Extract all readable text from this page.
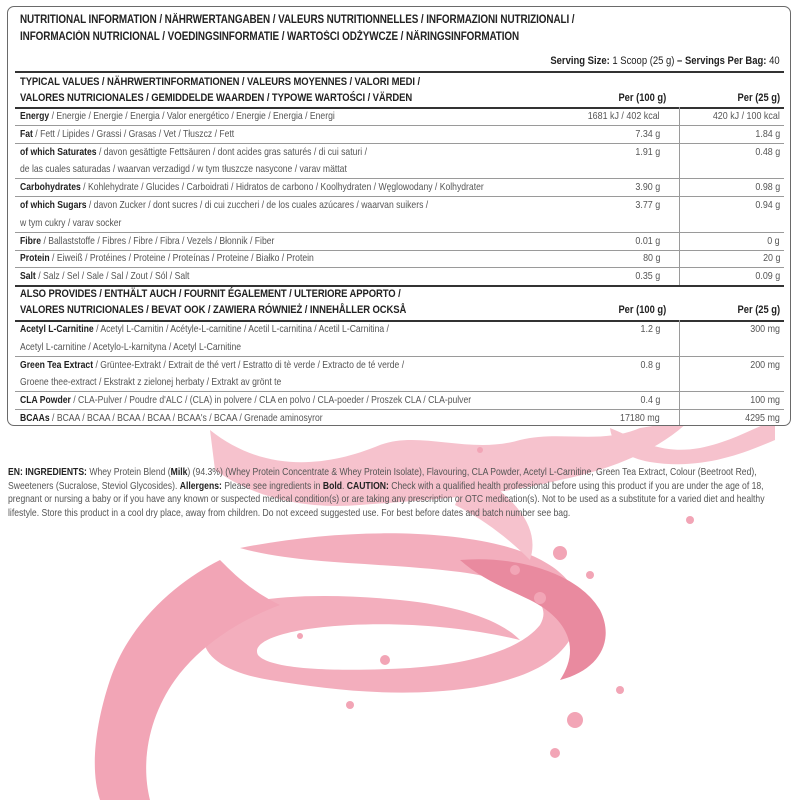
NUTRITIONAL INFORMATION / NÄHRWERTANGABEN / VALEURS NUTRITIONNELLES / INFORMAZIONI NUTRIZIONALI /
INFORMACIÓN NUTRICIONAL / VOEDINGSINFORMATIE / WARTOŚCI ODŻYWCZE / NÄRINGSINFORMATION
Serving Size: 1 Scoop (25 g) – Servings Per Bag: 40
TYPICAL VALUES / NÄHRWERTINFORMATIONEN / VALEURS MOYENNES / VALORI MEDI /
VALORES NUTRICIONALES / GEMIDDELDE WAARDEN / TYPOWE WARTOŚCI / VÄRDEN	Per (100 g)	Per (25 g)
Energy / Energie / Energie / Energia / Valor energético / Energie / Energia / Energi	1681 kJ / 402 kcal	420 kJ / 100 kcal
Fat / Fett / Lipides / Grassi / Grasas / Vet / Tłuszcz / Fett	7.34 g	1.84 g
of which Saturates / davon gesättigte Fettsäuren / dont acides gras saturés / di cui saturi /	1.91 g	0.48 g
de las cuales saturadas / waarvan verzadigd / w tym tłuszcze nasycone / varav mättat
Carbohydrates / Kohlehydrate / Glucides / Carboidrati / Hidratos de carbono / Koolhydraten / Węglowodany / Kolhydrater	3.90 g	0.98 g
of which Sugars / davon Zucker / dont sucres / di cui zuccheri / de los cuales azúcares / waarvan suikers /	3.77 g	0.94 g
w tym cukry / varav socker
Fibre / Ballaststoffe / Fibres / Fibre / Fibra / Vezels / Błonnik / Fiber	0.01 g	0 g
Protein / Eiweiß / Protéines / Proteine / Proteínas / Proteine / Białko / Protein	80 g	20 g
Salt / Salz / Sel / Sale / Sal / Zout / Sól / Salt	0.35 g	0.09 g
ALSO PROVIDES / ENTHÄLT AUCH / FOURNIT ÉGALEMENT / ULTERIORE APPORTO /
VALORES NUTRICIONALES / BEVAT OOK / ZAWIERA RÓWNIEŻ / INNEHÅLLER OCKSÅ	Per (100 g)	Per (25 g)
Acetyl L-Carnitine / Acetyl L-Carnitin / Acétyle-L-carnitine / Acetil L-carnitina / Acetil L-Carnitina /	1.2 g	300 mg
Acetyl L-carnitine / Acetylo-L-karnityna / Acetyl L-Carnitine
Green Tea Extract / Grüntee-Extrakt / Extrait de thé vert / Estratto di tè verde / Extracto de té verde /	0.8 g	200 mg
Groene thee-extract / Ekstrakt z zielonej herbaty / Extrakt av grönt te
CLA Powder / CLA-Pulver / Poudre d'ALC / (CLA) in polvere / CLA en polvo / CLA-poeder / Proszek CLA / CLA-pulver	0.4 g	100 mg
BCAAs / BCAA / BCAA / BCAA / BCAA / BCAA's / BCAA / Grenade aminosyror	17180 mg	4295 mg
EN: INGREDIENTS: Whey Protein Blend (Milk) (94.3%) (Whey Protein Concentrate & Whey Protein Isolate), Flavouring, CLA Powder, Acetyl L-Carnitine, Green Tea Extract, Colour (Beetroot Red), Sweeteners (Sucralose, Steviol Glycosides). Allergens: Please see ingredients in Bold. CAUTION: Check with a qualified health professional before using this product if you are under the age of 18, pregnant or nursing a baby or if you have any known or suspected medical condition(s) or are taking any prescription or OTC medication(s). Not to be used as a substitute for a varied diet and healthy lifestyle. Store this product in a cool dry place, away from children. Do not exceed suggested use. For best before dates and batch number see bag.
